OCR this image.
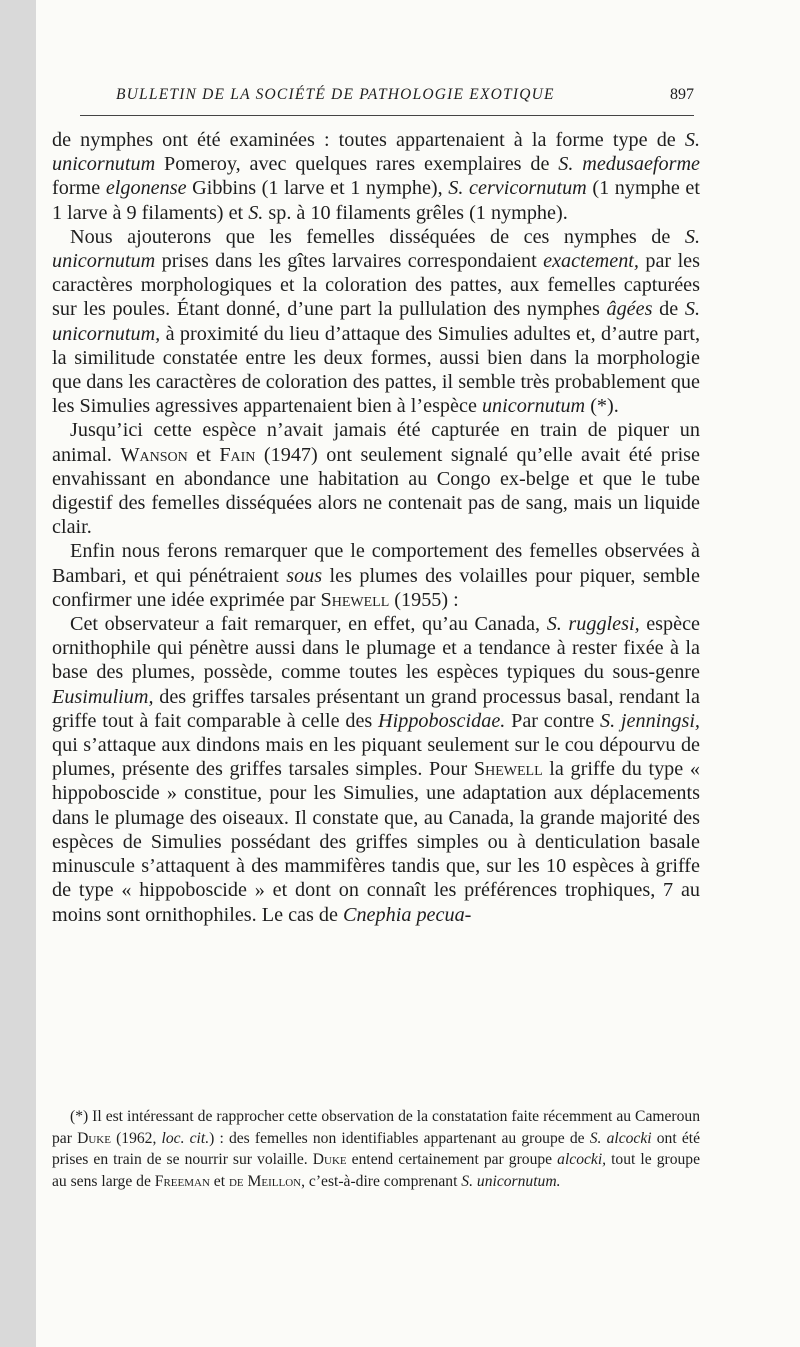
BULLETIN DE LA SOCIÉTÉ DE PATHOLOGIE EXOTIQUE	897

de nymphes ont été examinées : toutes appartenaient à la forme type de S. unicornutum Pomeroy, avec quelques rares exemplaires de S. medusaeforme forme elgonense Gibbins (1 larve et 1 nymphe), S. cervicornutum (1 nymphe et 1 larve à 9 filaments) et S. sp. à 10 filaments grêles (1 nymphe).

Nous ajouterons que les femelles disséquées de ces nymphes de S. unicornutum prises dans les gîtes larvaires correspondaient exactement, par les caractères morphologiques et la coloration des pattes, aux femelles capturées sur les poules. Étant donné, d’une part la pullulation des nymphes âgées de S. unicornutum, à proximité du lieu d’attaque des Simulies adultes et, d’autre part, la similitude constatée entre les deux formes, aussi bien dans la morphologie que dans les caractères de coloration des pattes, il semble très probablement que les Simulies agressives appartenaient bien à l’espèce unicornutum (*).

Jusqu’ici cette espèce n’avait jamais été capturée en train de piquer un animal. Wanson et Fain (1947) ont seulement signalé qu’elle avait été prise envahissant en abondance une habitation au Congo ex-belge et que le tube digestif des femelles disséquées alors ne contenait pas de sang, mais un liquide clair.

Enfin nous ferons remarquer que le comportement des femelles observées à Bambari, et qui pénétraient sous les plumes des volailles pour piquer, semble confirmer une idée exprimée par Shewell (1955) :

Cet observateur a fait remarquer, en effet, qu’au Canada, S. rugglesi, espèce ornithophile qui pénètre aussi dans le plumage et a tendance à rester fixée à la base des plumes, possède, comme toutes les espèces typiques du sous-genre Eusimulium, des griffes tarsales présentant un grand processus basal, rendant la griffe tout à fait comparable à celle des Hippoboscidae. Par contre S. jenningsi, qui s’attaque aux dindons mais en les piquant seulement sur le cou dépourvu de plumes, présente des griffes tarsales simples. Pour Shewell la griffe du type « hippoboscide » constitue, pour les Simulies, une adaptation aux déplacements dans le plumage des oiseaux. Il constate que, au Canada, la grande majorité des espèces de Simulies possédant des griffes simples ou à denticulation basale minuscule s’attaquent à des mammifères tandis que, sur les 10 espèces à griffe de type « hippoboscide » et dont on connaît les préférences trophiques, 7 au moins sont ornithophiles. Le cas de Cnephia pecua-

(*) Il est intéressant de rapprocher cette observation de la constatation faite récemment au Cameroun par Duke (1962, loc. cit.) : des femelles non identifiables appartenant au groupe de S. alcocki ont été prises en train de se nourrir sur volaille. Duke entend certainement par groupe alcocki, tout le groupe au sens large de Freeman et de Meillon, c’est-à-dire comprenant S. unicornutum.
